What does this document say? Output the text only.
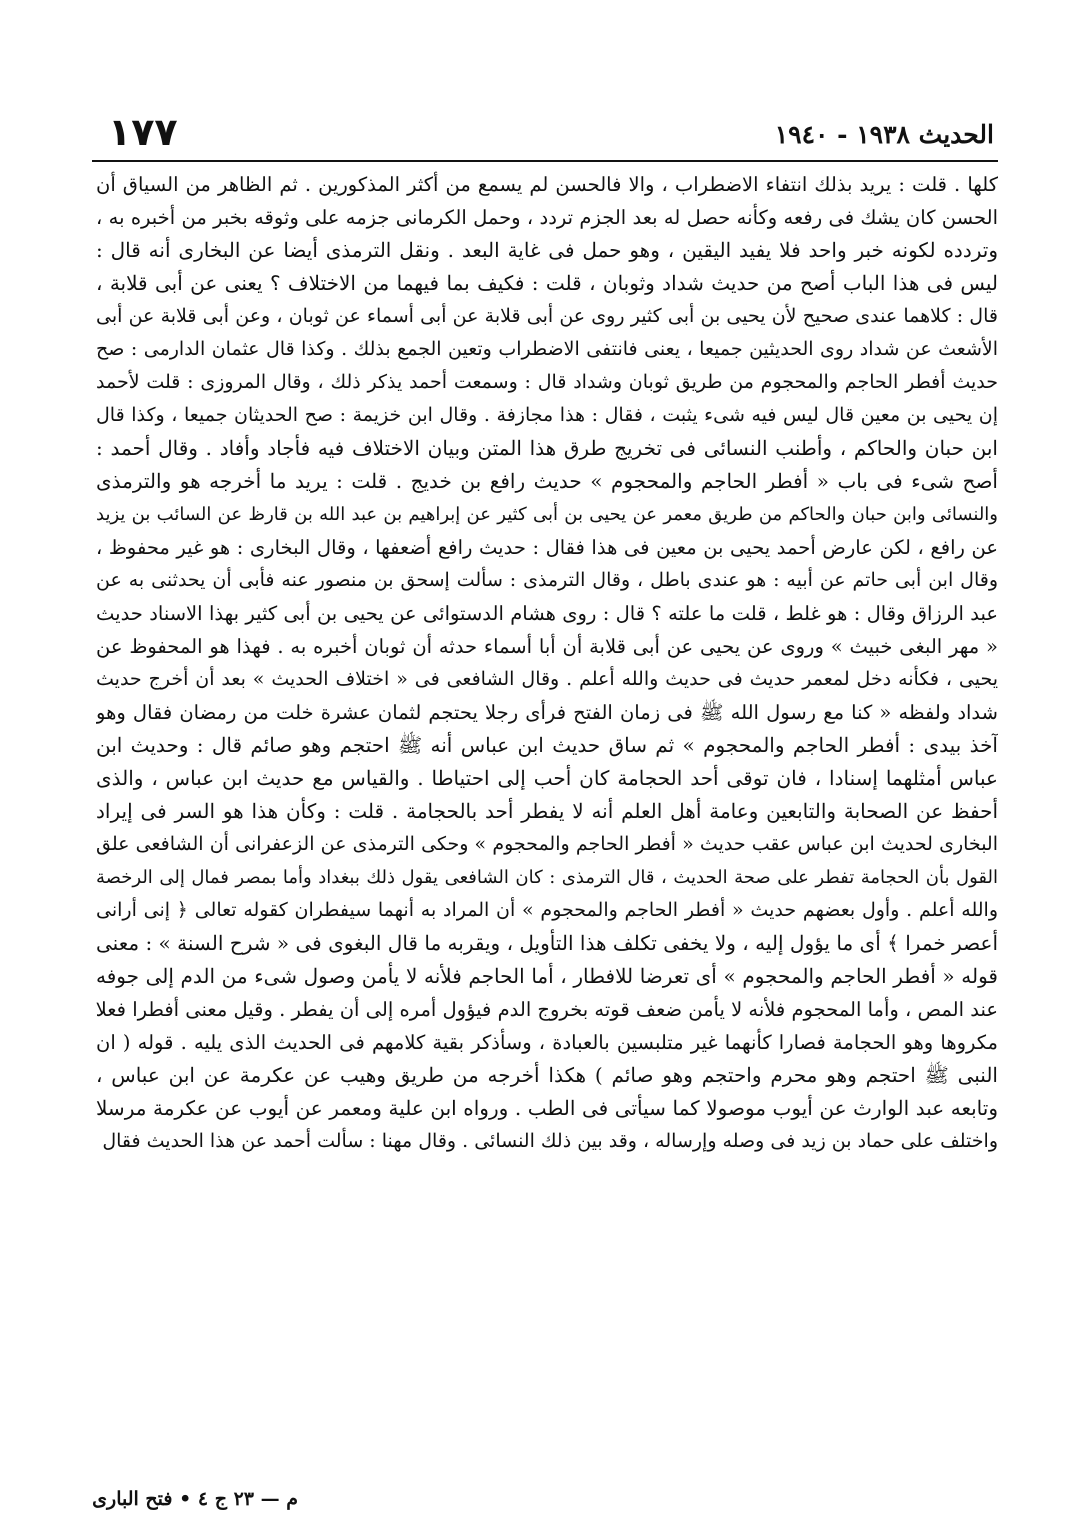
١٧٧	الحديث ١٩٣٨ - ١٩٤٠
كلها . قلت : يريد بذلك انتفاء الاضطراب ، والا فالحسن لم يسمع من أكثر المذكورين . ثم الظاهر من السياق أن
الحسن كان يشك فى رفعه وكأنه حصل له بعد الجزم تردد ، وحمل الكرمانى جزمه على وثوقه بخبر من أخبره به ،
وتردده لكونه خبر واحد فلا يفيد اليقين ، وهو حمل فى غاية البعد . ونقل الترمذى أيضا عن البخارى أنه قال :
ليس فى هذا الباب أصح من حديث شداد وثوبان ، قلت : فكيف بما فيهما من الاختلاف ؟ يعنى عن أبى قلابة ،
قال : كلاهما عندى صحيح لأن يحيى بن أبى كثير روى عن أبى قلابة عن أبى أسماء عن ثوبان ، وعن أبى قلابة عن أبى
الأشعث عن شداد روى الحديثين جميعا ، يعنى فانتفى الاضطراب وتعين الجمع بذلك . وكذا قال عثمان الدارمى : صح
حديث أفطر الحاجم والمحجوم من طريق ثوبان وشداد قال : وسمعت أحمد يذكر ذلك ، وقال المروزى : قلت لأحمد
إن يحيى بن معين قال ليس فيه شىء يثبت ، فقال : هذا مجازفة . وقال ابن خزيمة : صح الحديثان جميعا ، وكذا قال
ابن حبان والحاكم ، وأطنب النسائى فى تخريج طرق هذا المتن وبيان الاختلاف فيه فأجاد وأفاد . وقال أحمد :
أصح شىء فى باب « أفطر الحاجم والمحجوم » حديث رافع بن خديج . قلت : يريد ما أخرجه هو والترمذى
والنسائى وابن حبان والحاكم من طريق معمر عن يحيى بن أبى كثير عن إبراهيم بن عبد الله بن قارظ عن السائب بن يزيد
عن رافع ، لكن عارض أحمد يحيى بن معين فى هذا فقال : حديث رافع أضعفها ، وقال البخارى : هو غير محفوظ ،
وقال ابن أبى حاتم عن أبيه : هو عندى باطل ، وقال الترمذى : سألت إسحق بن منصور عنه فأبى أن يحدثنى به عن
عبد الرزاق وقال : هو غلط ، قلت ما علته ؟ قال : روى هشام الدستوائى عن يحيى بن أبى كثير بهذا الاسناد حديث
« مهر البغى خبيث » وروى عن يحيى عن أبى قلابة أن أبا أسماء حدثه أن ثوبان أخبره به . فهذا هو المحفوظ عن
يحيى ، فكأنه دخل لمعمر حديث فى حديث والله أعلم . وقال الشافعى فى « اختلاف الحديث » بعد أن أخرج حديث
شداد ولفظه « كنا مع رسول الله ﷺ فى زمان الفتح فرأى رجلا يحتجم لثمان عشرة خلت من رمضان فقال وهو
آخذ بيدى : أفطر الحاجم والمحجوم » ثم ساق حديث ابن عباس أنه ﷺ احتجم وهو صائم قال : وحديث ابن
عباس أمثلهما إسنادا ، فان توقى أحد الحجامة كان أحب إلى احتياطا . والقياس مع حديث ابن عباس ، والذى
أحفظ عن الصحابة والتابعين وعامة أهل العلم أنه لا يفطر أحد بالحجامة . قلت : وكأن هذا هو السر فى إيراد
البخارى لحديث ابن عباس عقب حديث « أفطر الحاجم والمحجوم » وحكى الترمذى عن الزعفرانى أن الشافعى علق
القول بأن الحجامة تفطر على صحة الحديث ، قال الترمذى : كان الشافعى يقول ذلك ببغداد وأما بمصر فمال إلى الرخصة
والله أعلم . وأول بعضهم حديث « أفطر الحاجم والمحجوم » أن المراد به أنهما سيفطران كقوله تعالى ﴿ إنى أرانى
أعصر خمرا ﴾ أى ما يؤول إليه ، ولا يخفى تكلف هذا التأويل ، ويقربه ما قال البغوى فى « شرح السنة » : معنى
قوله « أفطر الحاجم والمحجوم » أى تعرضا للافطار ، أما الحاجم فلأنه لا يأمن وصول شىء من الدم إلى جوفه
عند المص ، وأما المحجوم فلأنه لا يأمن ضعف قوته بخروج الدم فيؤول أمره إلى أن يفطر . وقيل معنى أفطرا فعلا
مكروها وهو الحجامة فصارا كأنهما غير متلبسين بالعبادة ، وسأذكر بقية كلامهم فى الحديث الذى يليه . قوله ( ان
النبى ﷺ احتجم وهو محرم واحتجم وهو صائم ) هكذا أخرجه من طريق وهيب عن عكرمة عن ابن عباس ،
وتابعه عبد الوارث عن أيوب موصولا كما سيأتى فى الطب . ورواه ابن علية ومعمر عن أيوب عن عكرمة مرسلا
واختلف على حماد بن زيد فى وصله وإرساله ، وقد بين ذلك النسائى . وقال مهنا : سألت أحمد عن هذا الحديث فقال
م — ٢٣ ج ٤ • فتح البارى
